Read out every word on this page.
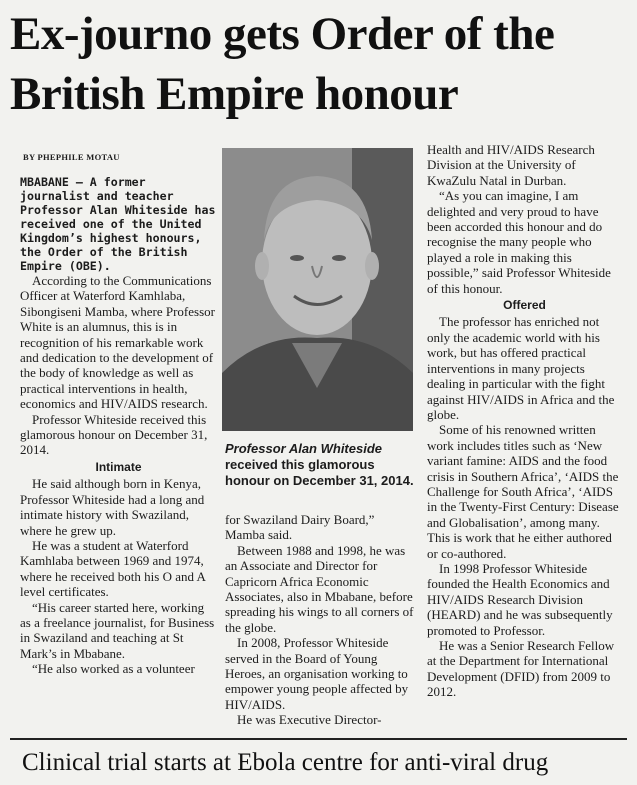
Ex-journo gets Order of the British Empire honour
BY PHEPHILE MOTAU

MBABANE – A former journalist and teacher Professor Alan Whiteside has received one of the United Kingdom’s highest honours, the Order of the British Empire (OBE).

According to the Communications Officer at Waterford Kamhlaba, Sibongiseni Mamba, where Professor White is an alumnus, this is in recognition of his remarkable work and dedication to the development of the body of knowledge as well as practical interventions in health, economics and HIV/AIDS research.

Professor Whiteside received this glamorous honour on December 31, 2014.

Intimate

He said although born in Kenya, Professor Whiteside had a long and intimate history with Swaziland, where he grew up.

He was a student at Waterford Kamhlaba between 1969 and 1974, where he received both his O and A level certificates.

“His career started here, working as a freelance journalist, for Business in Swaziland and teaching at St Mark’s in Mbabane.

“He also worked as a volunteer

Professor Alan Whiteside received this glamorous honour on December 31, 2014.

for Swaziland Dairy Board,” Mamba said.

Between 1988 and 1998, he was an Associate and Director for Capricorn Africa Economic Associates, also in Mbabane, before spreading his wings to all corners of the globe.

In 2008, Professor Whiteside served in the Board of Young Heroes, an organisation working to empower young people affected by HIV/AIDS.

He was Executive Director-

Health and HIV/AIDS Research Division at the University of KwaZulu Natal in Durban.

“As you can imagine, I am delighted and very proud to have been accorded this honour and do recognise the many people who played a role in making this possible,” said Professor Whiteside of this honour.

Offered

The professor has enriched not only the academic world with his work, but has offered practical interventions in many projects dealing in particular with the fight against HIV/AIDS in Africa and the globe.

Some of his renowned written work includes titles such as ‘New variant famine: AIDS and the food crisis in Southern Africa’, ‘AIDS the Challenge for South Africa’, ‘AIDS in the Twenty-First Century: Disease and Globalisation’, among many. This is work that he either authored or co-authored.

In 1998 Professor Whiteside founded the Health Economics and HIV/AIDS Research Division (HEARD) and he was subsequently promoted to Professor.

He was a Senior Research Fellow at the Department for International Development (DFID) from 2009 to 2012.

Clinical trial starts at Ebola centre for anti-viral drug
